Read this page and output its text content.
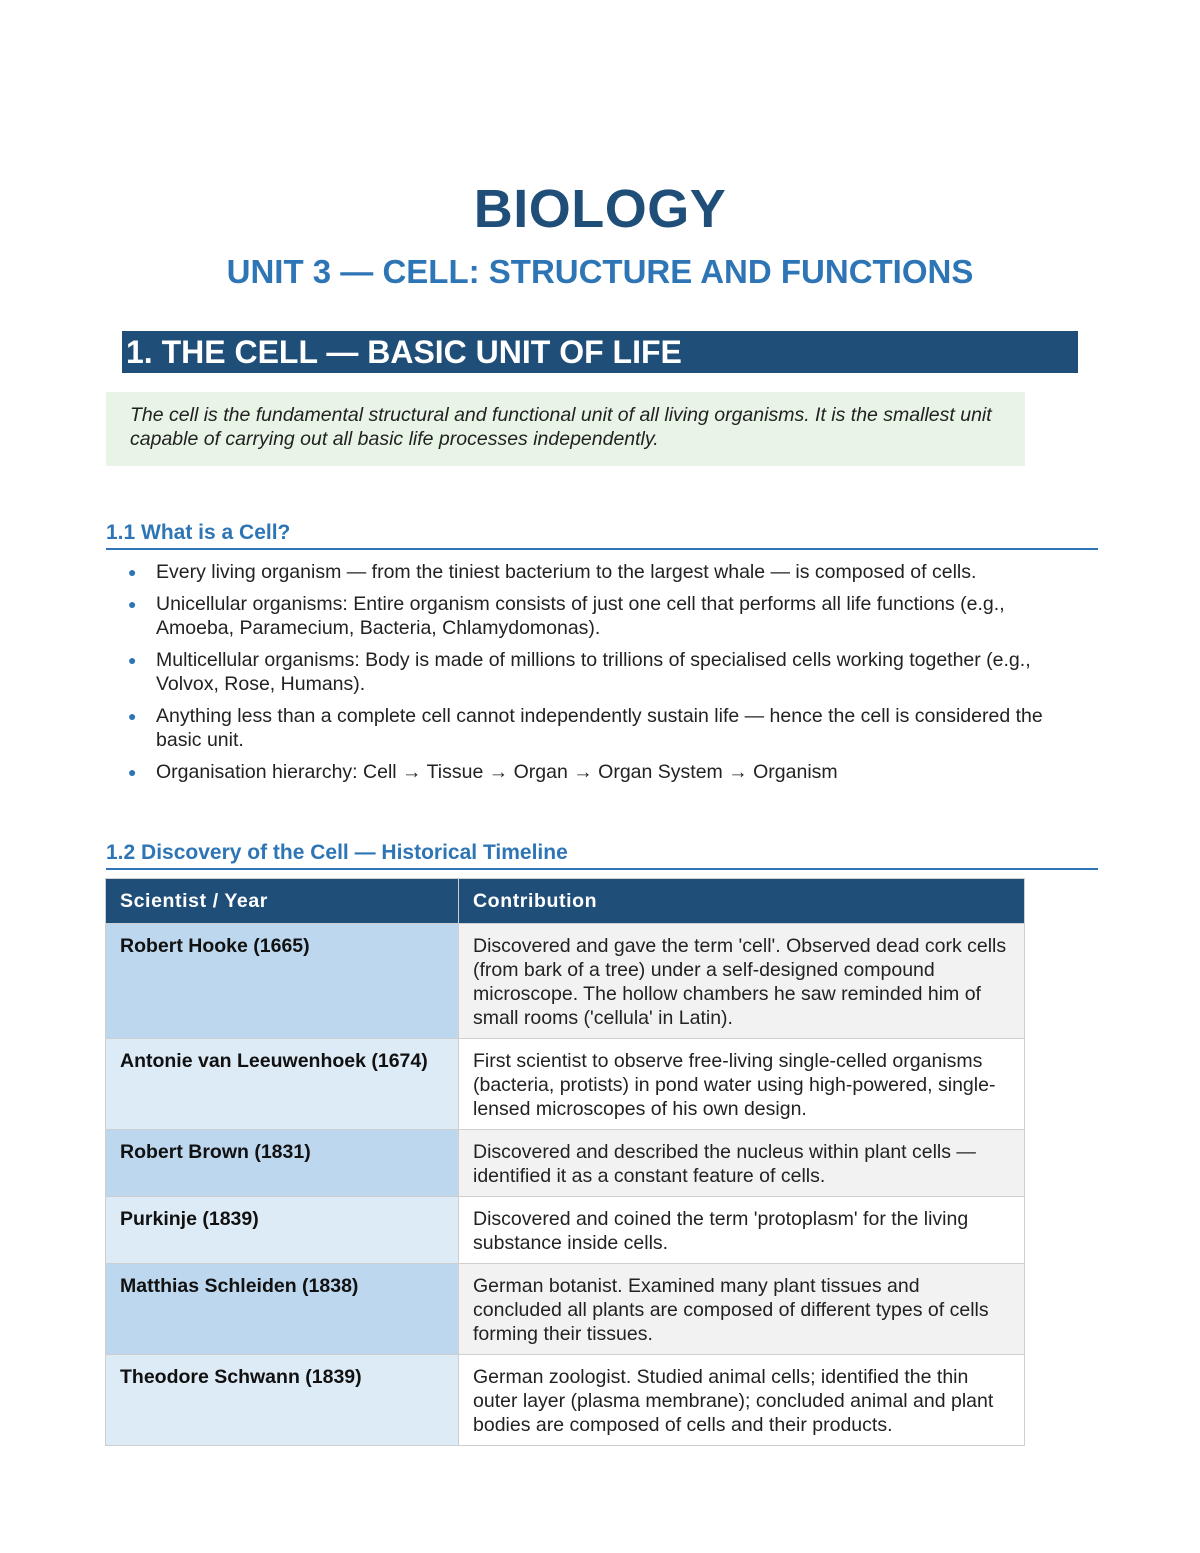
BIOLOGY
UNIT 3 — CELL: STRUCTURE AND FUNCTIONS
1. THE CELL — BASIC UNIT OF LIFE
The cell is the fundamental structural and functional unit of all living organisms. It is the smallest unit capable of carrying out all basic life processes independently.
1.1 What is a Cell?
● Every living organism — from the tiniest bacterium to the largest whale — is composed of cells.
● Unicellular organisms: Entire organism consists of just one cell that performs all life functions (e.g., Amoeba, Paramecium, Bacteria, Chlamydomonas).
● Multicellular organisms: Body is made of millions to trillions of specialised cells working together (e.g., Volvox, Rose, Humans).
● Anything less than a complete cell cannot independently sustain life — hence the cell is considered the basic unit.
● Organisation hierarchy: Cell → Tissue → Organ → Organ System → Organism
1.2 Discovery of the Cell — Historical Timeline
Scientist / Year	Contribution
Robert Hooke (1665)	Discovered and gave the term 'cell'. Observed dead cork cells (from bark of a tree) under a self-designed compound microscope. The hollow chambers he saw reminded him of small rooms ('cellula' in Latin).
Antonie van Leeuwenhoek (1674)	First scientist to observe free-living single-celled organisms (bacteria, protists) in pond water using high-powered, single-lensed microscopes of his own design.
Robert Brown (1831)	Discovered and described the nucleus within plant cells — identified it as a constant feature of cells.
Purkinje (1839)	Discovered and coined the term 'protoplasm' for the living substance inside cells.
Matthias Schleiden (1838)	German botanist. Examined many plant tissues and concluded all plants are composed of different types of cells forming their tissues.
Theodore Schwann (1839)	German zoologist. Studied animal cells; identified the thin outer layer (plasma membrane); concluded animal and plant bodies are composed of cells and their products.
